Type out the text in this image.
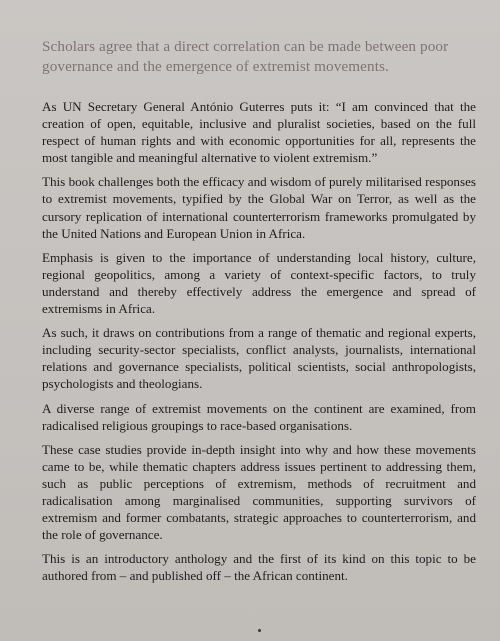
Scholars agree that a direct correlation can be made between poor governance and the emergence of extremist movements.

As UN Secretary General António Guterres puts it: “I am convinced that the creation of open, equitable, inclusive and pluralist societies, based on the full respect of human rights and with economic opportunities for all, represents the most tangible and meaningful alternative to violent extremism.”

This book challenges both the efficacy and wisdom of purely militarised responses to extremist movements, typified by the Global War on Terror, as well as the cursory replication of international counterterrorism frameworks promulgated by the United Nations and European Union in Africa.

Emphasis is given to the importance of understanding local history, culture, regional geopolitics, among a variety of context-specific factors, to truly understand and thereby effectively address the emergence and spread of extremisms in Africa.

As such, it draws on contributions from a range of thematic and regional experts, including security-sector specialists, conflict analysts, journalists, international relations and governance specialists, political scientists, social anthropologists, psychologists and theologians.

A diverse range of extremist movements on the continent are examined, from radicalised religious groupings to race-based organisations.

These case studies provide in-depth insight into why and how these movements came to be, while thematic chapters address issues pertinent to addressing them, such as public perceptions of extremism, methods of recruitment and radicalisation among marginalised communities, supporting survivors of extremism and former combatants, strategic approaches to counterterrorism, and the role of governance.

This is an introductory anthology and the first of its kind on this topic to be authored from – and published off – the African continent.
